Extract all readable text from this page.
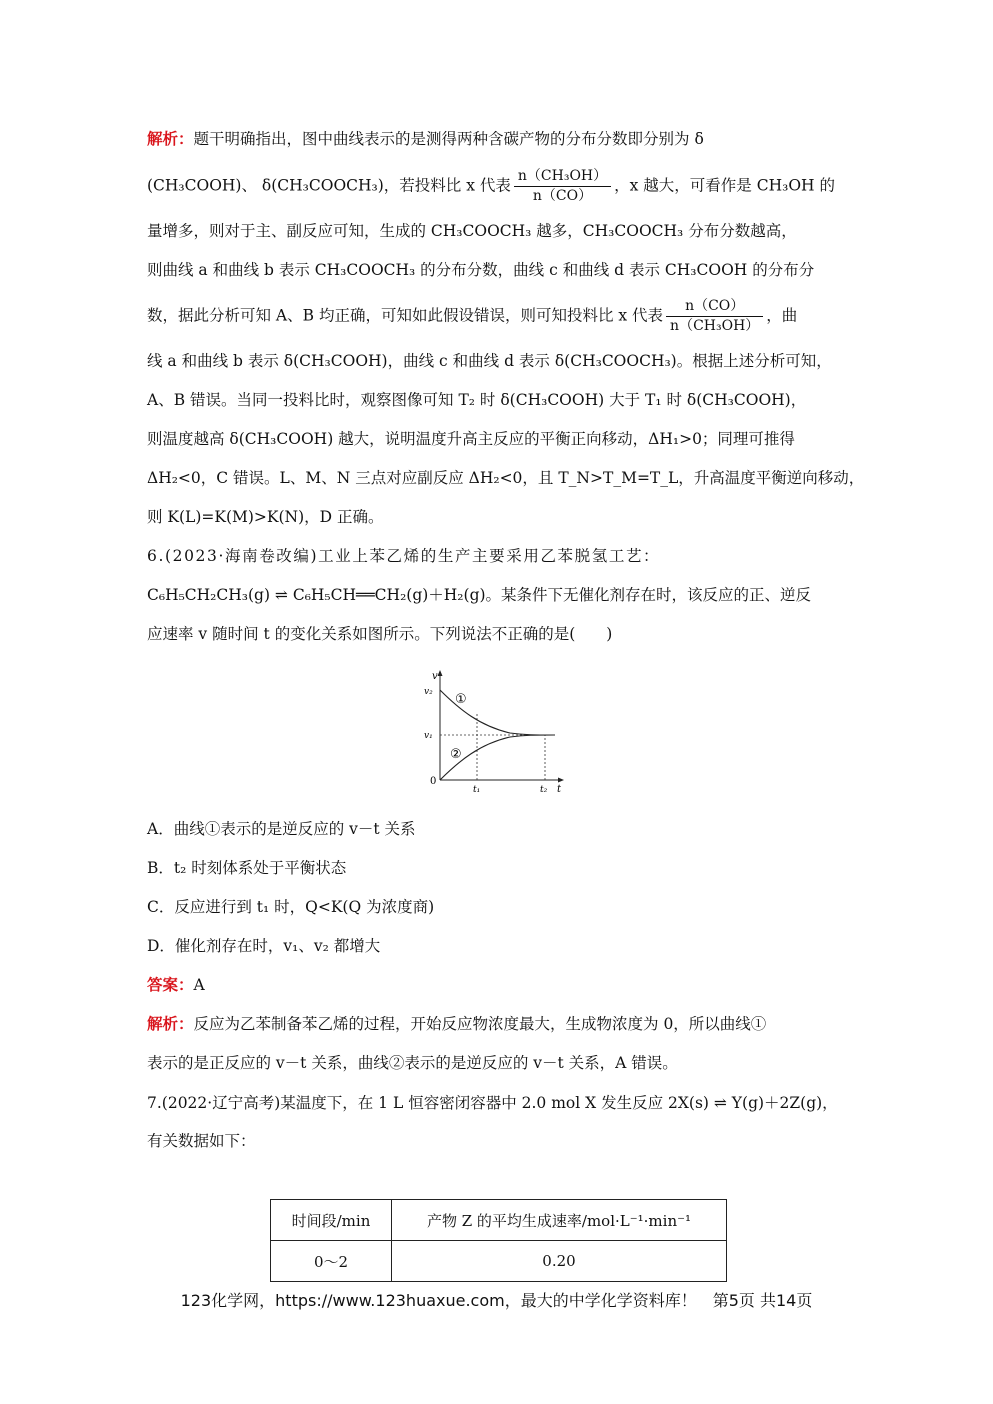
解析：题干明确指出，图中曲线表示的是测得两种含碳产物的分布分数即分别为 δ
(CH₃COOH)、 δ(CH₃COOCH₃)，若投料比 x 代表 $\frac{\text{n（CH₃OH）}}{n(CO)}$ ，x 越大，可看作是 CH₃OH 的
量增多，则对于主、副反应可知，生成的 CH₃COOCH₃ 越多，CH₃COOCH₃ 分布分数越高，
则曲线 a 和曲线 b 表示 CH₃COOCH₃ 的分布分数，曲线 c 和曲线 d 表示 CH₃COOH 的分布分
数，据此分析可知 A、B 均正确，可知如此假设错误，则可知投料比 x 代表 $\frac{n(CO)}{\text{n（CH₃OH）}}$ ，曲
线 a 和曲线 b 表示 δ(CH₃COOH)，曲线 c 和曲线 d 表示 δ(CH₃COOCH₃)。根据上述分析可知，
A、B 错误。当同一投料比时，观察图像可知 T₂ 时 δ(CH₃COOH) 大于 T₁ 时 δ(CH₃COOH)，
则温度越高 δ(CH₃COOH) 越大，说明温度升高主反应的平衡正向移动，ΔH₁>0；同理可推得
ΔH₂<0，C 错误。L、M、N 三点对应副反应 ΔH₂<0，且 T_N>T_M=T_L，升高温度平衡逆向移动，
则 K(L)=K(M)>K(N)，D 正确。
6.(2023·海南卷改编)工业上苯乙烯的生产主要采用乙苯脱氢工艺：
C₆H₅CH₂CH₃(g) ⇌ C₆H₅CH══CH₂(g)＋H₂(g)。某条件下无催化剂存在时，该反应的正、逆反
应速率 v 随时间 t 的变化关系如图所示。下列说法不正确的是(　　)
v
v₂
v₁
0
t₁	t₂ t
①
②
A．曲线①表示的是逆反应的 v－t 关系
B．t₂ 时刻体系处于平衡状态
C．反应进行到 t₁ 时，Q<K(Q 为浓度商)
D．催化剂存在时，v₁、v₂ 都增大
答案：A
解析：反应为乙苯制备苯乙烯的过程，开始反应物浓度最大，生成物浓度为 0，所以曲线①
表示的是正反应的 v－t 关系，曲线②表示的是逆反应的 v－t 关系，A 错误。
7.(2022·辽宁高考)某温度下，在 1 L 恒容密闭容器中 2.0 mol X 发生反应 2X(s) ⇌ Y(g)＋2Z(g)，
有关数据如下：
时间段/min	产物 Z 的平均生成速率/mol·L⁻¹·min⁻¹
0～2	0.20
123化学网，https://www.123huaxue.com，最大的中学化学资料库！　第5页 共14页
